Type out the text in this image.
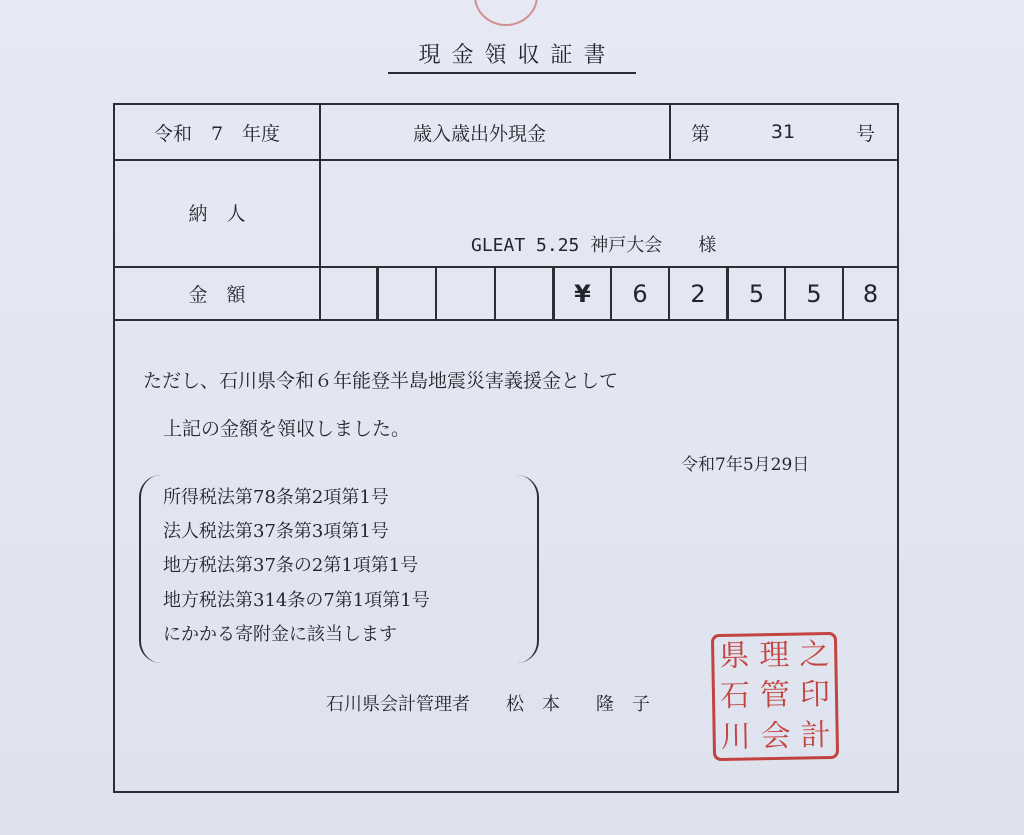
現金領収証書
令和　7　年度	歳入歳出外現金	第	31	号
納　人
GLEAT 5.25 神戸大会　　様
金　額	¥	6	2	5	5	8
ただし、石川県令和６年能登半島地震災害義援金として
上記の金額を領収しました。
令和7年5月29日
所得税法第78条第2項第1号
法人税法第37条第3項第1号
地方税法第37条の2第1項第1号
地方税法第314条の7第1項第1号
にかかる寄附金に該当します
石川県会計管理者　　松　本　　隆　子
県 理 之
石 管 印
川 会 計
